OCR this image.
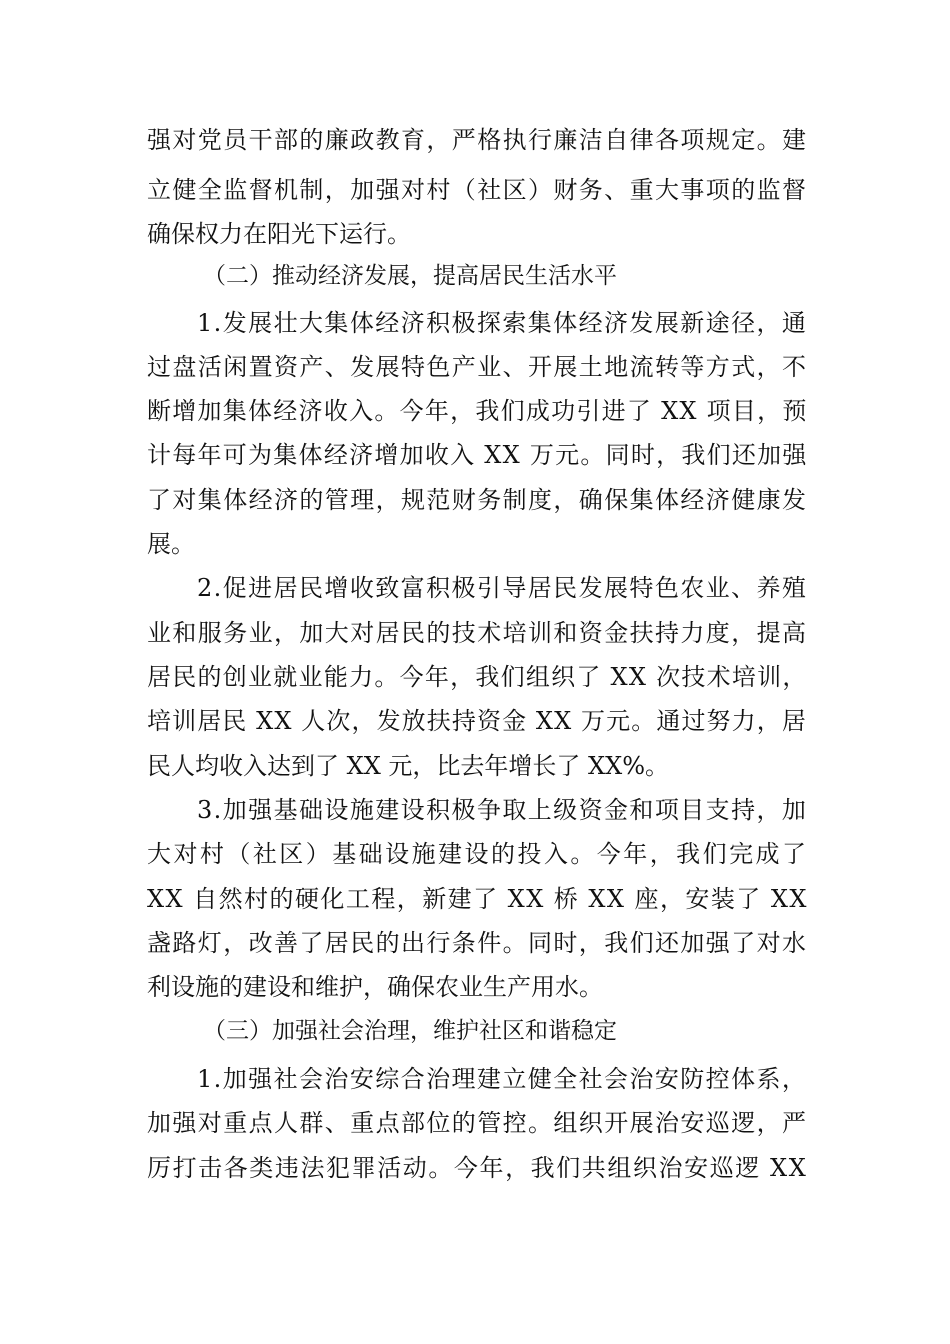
强对党员干部的廉政教育，严格执行廉洁自律各项规定。建
立健全监督机制，加强对村（社区）财务、重大事项的监督
确保权力在阳光下运行。
（二）推动经济发展，提高居民生活水平
1.发展壮大集体经济积极探索集体经济发展新途径，通
过盘活闲置资产、发展特色产业、开展土地流转等方式，不
断增加集体经济收入。今年，我们成功引进了 XX 项目，预
计每年可为集体经济增加收入 XX 万元。同时，我们还加强
了对集体经济的管理，规范财务制度，确保集体经济健康发
展。
2.促进居民增收致富积极引导居民发展特色农业、养殖
业和服务业，加大对居民的技术培训和资金扶持力度，提高
居民的创业就业能力。今年，我们组织了 XX 次技术培训，
培训居民 XX 人次，发放扶持资金 XX 万元。通过努力，居
民人均收入达到了 XX 元，比去年增长了 XX%。
3.加强基础设施建设积极争取上级资金和项目支持，加
大对村（社区）基础设施建设的投入。今年，我们完成了
XX 自然村的硬化工程，新建了 XX 桥 XX 座，安装了 XX
盏路灯，改善了居民的出行条件。同时，我们还加强了对水
利设施的建设和维护，确保农业生产用水。
（三）加强社会治理，维护社区和谐稳定
1.加强社会治安综合治理建立健全社会治安防控体系，
加强对重点人群、重点部位的管控。组织开展治安巡逻，严
厉打击各类违法犯罪活动。今年，我们共组织治安巡逻 XX
